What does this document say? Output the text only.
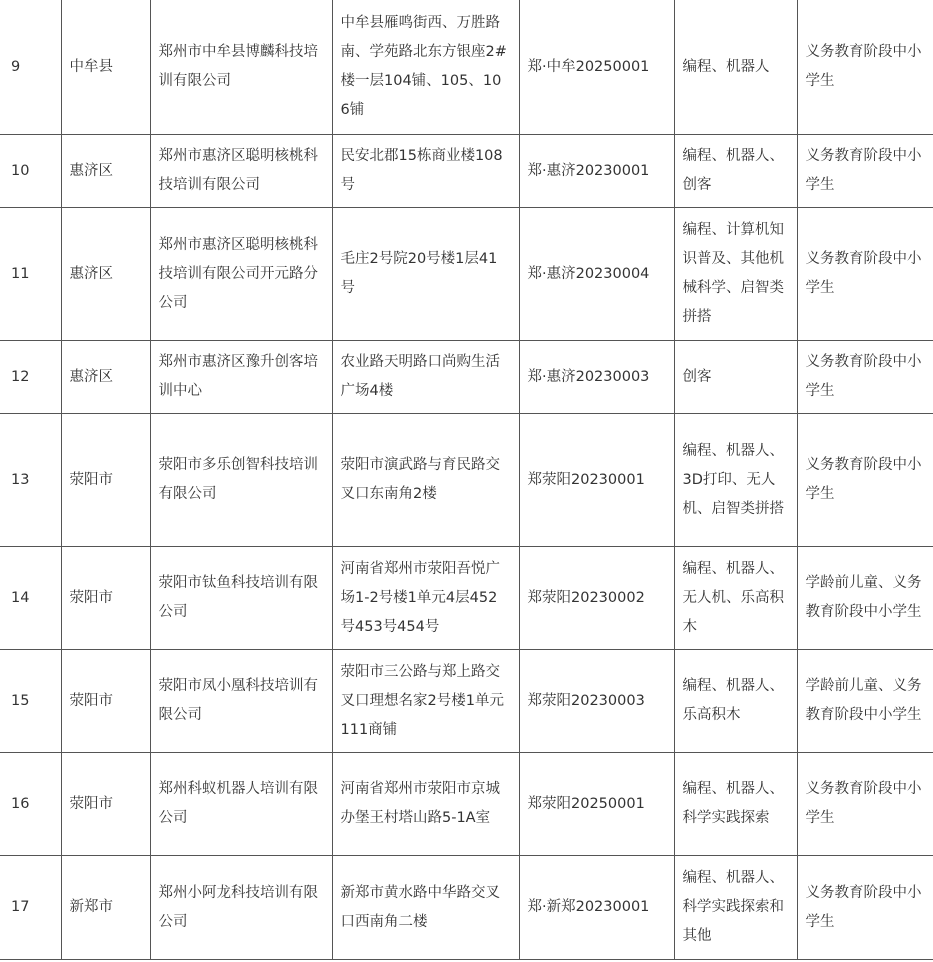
9	中牟县	郑州市中牟县博麟科技培训有限公司	中牟县雁鸣街西、万胜路南、学苑路北东方银座2#楼一层104铺、105、106铺	郑·中牟20250001	编程、机器人	义务教育阶段中小学生
10	惠济区	郑州市惠济区聪明核桃科技培训有限公司	民安北郡15栋商业楼108号	郑·惠济20230001	编程、机器人、创客	义务教育阶段中小学生
11	惠济区	郑州市惠济区聪明核桃科技培训有限公司开元路分公司	毛庄2号院20号楼1层41号	郑·惠济20230004	编程、计算机知识普及、其他机械科学、启智类拼搭	义务教育阶段中小学生
12	惠济区	郑州市惠济区豫升创客培训中心	农业路天明路口尚购生活广场4楼	郑·惠济20230003	创客	义务教育阶段中小学生
13	荥阳市	荥阳市多乐创智科技培训有限公司	荥阳市演武路与育民路交叉口东南角2楼	郑荥阳20230001	编程、机器人、3D打印、无人机、启智类拼搭	义务教育阶段中小学生
14	荥阳市	荥阳市钛鱼科技培训有限公司	河南省郑州市荥阳吾悦广场1-2号楼1单元4层452号453号454号	郑荥阳20230002	编程、机器人、无人机、乐高积木	学龄前儿童、义务教育阶段中小学生
15	荥阳市	荥阳市凤小凰科技培训有限公司	荥阳市三公路与郑上路交叉口理想名家2号楼1单元111商铺	郑荥阳20230003	编程、机器人、乐高积木	学龄前儿童、义务教育阶段中小学生
16	荥阳市	郑州科蚁机器人培训有限公司	河南省郑州市荥阳市京城办堡王村塔山路5-1A室	郑荥阳20250001	编程、机器人、科学实践探索	义务教育阶段中小学生
17	新郑市	郑州小阿龙科技培训有限公司	新郑市黄水路中华路交叉口西南角二楼	郑·新郑20230001	编程、机器人、科学实践探索和其他	义务教育阶段中小学生
